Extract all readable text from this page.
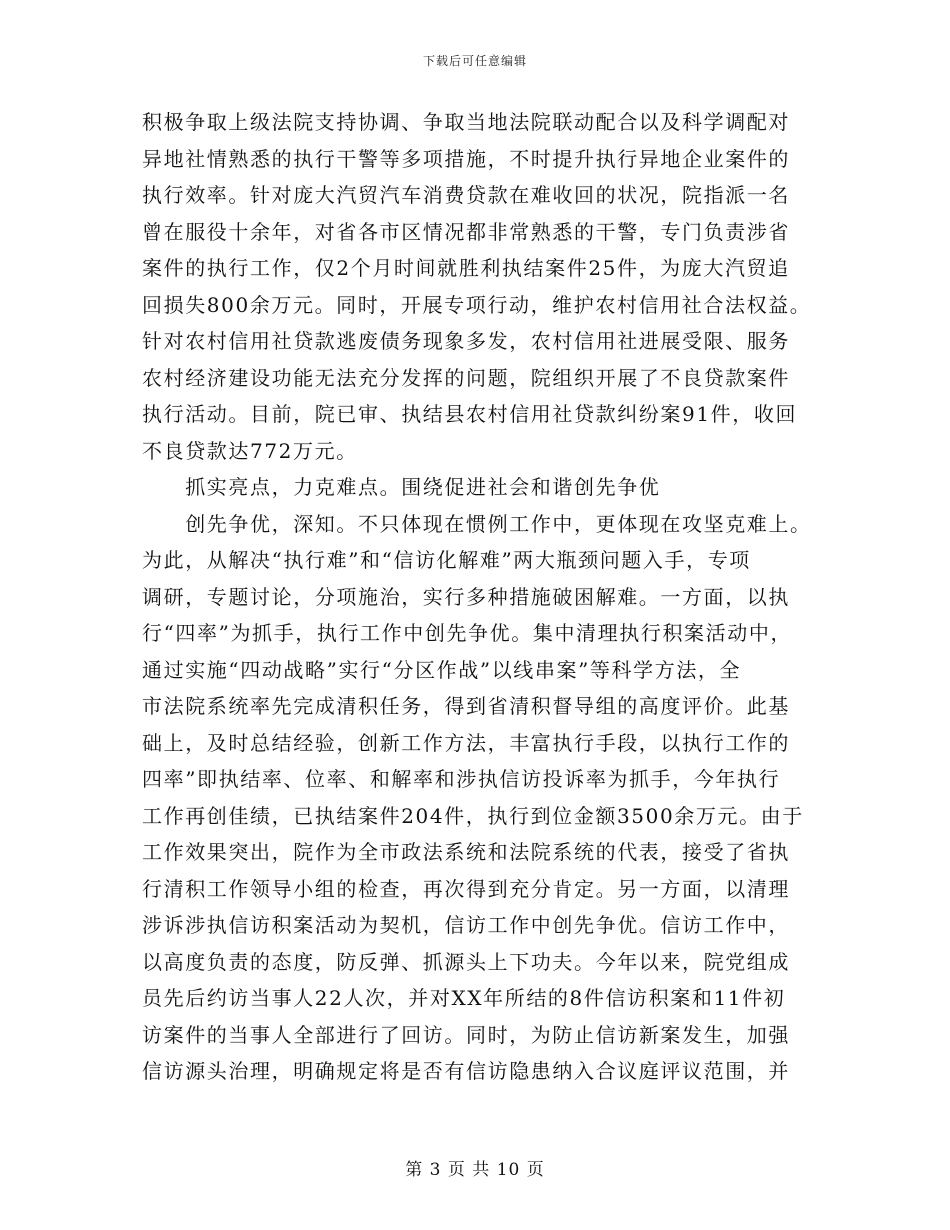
下载后可任意编辑
积极争取上级法院支持协调、争取当地法院联动配合以及科学调配对
异地社情熟悉的执行干警等多项措施，不时提升执行异地企业案件的
执行效率。针对庞大汽贸汽车消费贷款在难收回的状况，院指派一名
曾在服役十余年，对省各市区情况都非常熟悉的干警，专门负责涉省
案件的执行工作，仅2个月时间就胜利执结案件25件，为庞大汽贸追
回损失800余万元。同时，开展专项行动，维护农村信用社合法权益。
针对农村信用社贷款逃废债务现象多发，农村信用社进展受限、服务
农村经济建设功能无法充分发挥的问题，院组织开展了不良贷款案件
执行活动。目前，院已审、执结县农村信用社贷款纠纷案91件，收回
不良贷款达772万元。
　　抓实亮点，力克难点。围绕促进社会和谐创先争优
　　创先争优，深知。不只体现在惯例工作中，更体现在攻坚克难上。
为此，从解决“执行难”和“信访化解难”两大瓶颈问题入手，专项
调研，专题讨论，分项施治，实行多种措施破困解难。一方面，以执
行“四率”为抓手，执行工作中创先争优。集中清理执行积案活动中，
通过实施“四动战略”实行“分区作战”以线串案”等科学方法，全
市法院系统率先完成清积任务，得到省清积督导组的高度评价。此基
础上，及时总结经验，创新工作方法，丰富执行手段，以执行工作的
四率”即执结率、位率、和解率和涉执信访投诉率为抓手，今年执行
工作再创佳绩，已执结案件204件，执行到位金额3500余万元。由于
工作效果突出，院作为全市政法系统和法院系统的代表，接受了省执
行清积工作领导小组的检查，再次得到充分肯定。另一方面，以清理
涉诉涉执信访积案活动为契机，信访工作中创先争优。信访工作中，
以高度负责的态度，防反弹、抓源头上下功夫。今年以来，院党组成
员先后约访当事人22人次，并对XX年所结的8件信访积案和11件初
访案件的当事人全部进行了回访。同时，为防止信访新案发生，加强
信访源头治理，明确规定将是否有信访隐患纳入合议庭评议范围，并
第 3 页 共 10 页
